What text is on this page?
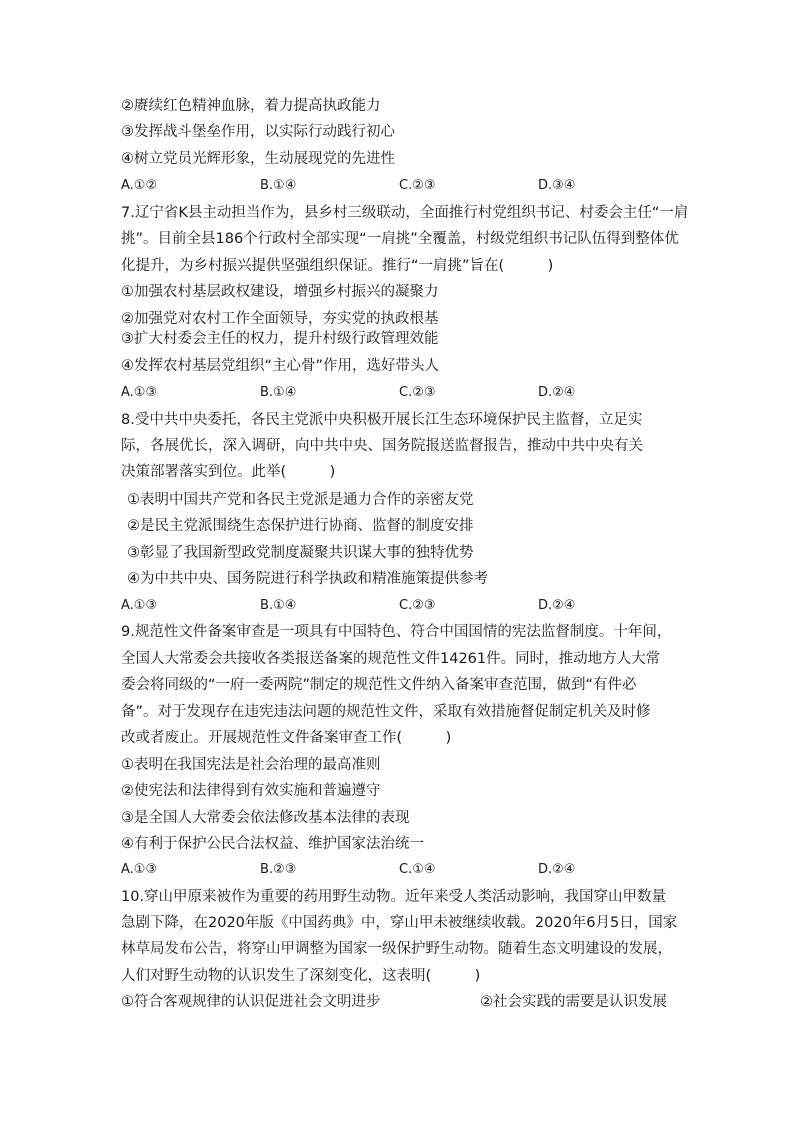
②赓续红色精神血脉，着力提高执政能力
③发挥战斗堡垒作用，以实际行动践行初心
④树立党员光辉形象，生动展现党的先进性
A.①②	B.①④	C.②③	D.③④
7.辽宁省K县主动担当作为，县乡村三级联动，全面推行村党组织书记、村委会主任“一肩
挑”。目前全县186个行政村全部实现“一肩挑”全覆盖，村级党组织书记队伍得到整体优
化提升，为乡村振兴提供坚强组织保证。推行“一肩挑”旨在(　　　)
①加强农村基层政权建设，增强乡村振兴的凝聚力
②加强党对农村工作全面领导，夯实党的执政根基
③扩大村委会主任的权力，提升村级行政管理效能
④发挥农村基层党组织“主心骨”作用，选好带头人
A.①③	B.①④	C.②③	D.②④
8.受中共中央委托，各民主党派中央积极开展长江生态环境保护民主监督，立足实
际，各展优长，深入调研，向中共中央、国务院报送监督报告，推动中共中央有关
决策部署落实到位。此举(　　　)
①表明中国共产党和各民主党派是通力合作的亲密友党
②是民主党派围绕生态保护进行协商、监督的制度安排
③彰显了我国新型政党制度凝聚共识谋大事的独特优势
④为中共中央、国务院进行科学执政和精准施策提供参考
A.①③	B.①④	C.②③	D.②④
9.规范性文件备案审查是一项具有中国特色、符合中国国情的宪法监督制度。十年间，
全国人大常委会共接收各类报送备案的规范性文件14261件。同时，推动地方人大常
委会将同级的“一府一委两院”制定的规范性文件纳入备案审查范围，做到“有件必
备”。对于发现存在违宪违法问题的规范性文件，采取有效措施督促制定机关及时修
改或者废止。开展规范性文件备案审查工作(　　　)
①表明在我国宪法是社会治理的最高准则
②使宪法和法律得到有效实施和普遍遵守
③是全国人大常委会依法修改基本法律的表现
④有利于保护公民合法权益、维护国家法治统一
A.①③	B.②③	C.①④	D.②④
10.穿山甲原来被作为重要的药用野生动物。近年来受人类活动影响，我国穿山甲数量
急剧下降，在2020年版《中国药典》中，穿山甲未被继续收载。2020年6月5日，国家
林草局发布公告，将穿山甲调整为国家一级保护野生动物。随着生态文明建设的发展，
人们对野生动物的认识发生了深刻变化，这表明(　　　)
①符合客观规律的认识促进社会文明进步	②社会实践的需要是认识发展
